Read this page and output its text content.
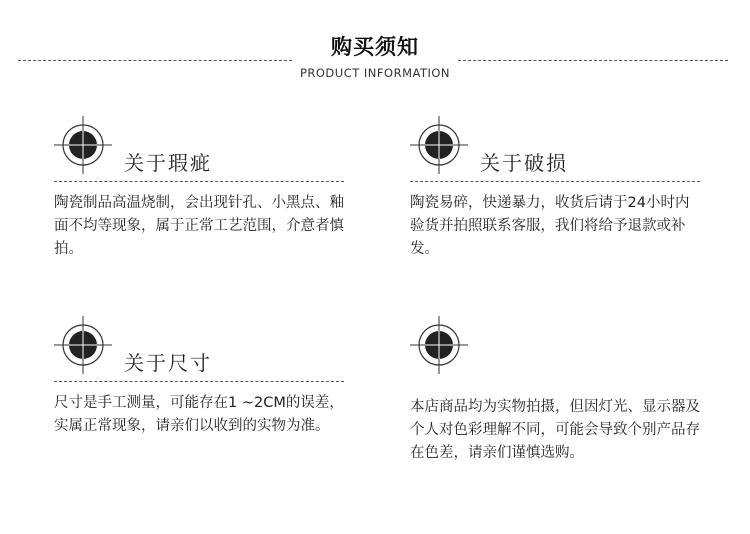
购买须知
PRODUCT INFORMATION
关于瑕疵
陶瓷制品高温烧制，会出现针孔、小黑点、釉面不均等现象，属于正常工艺范围，介意者慎拍。
关于破损
陶瓷易碎，快递暴力，收货后请于24小时内验货并拍照联系客服，我们将给予退款或补发。
关于尺寸
尺寸是手工测量，可能存在1 ~2CM的误差，实属正常现象，请亲们以收到的实物为准。
本店商品均为实物拍摄，但因灯光、显示器及个人对色彩理解不同，可能会导致个别产品存在色差，请亲们谨慎选购。
